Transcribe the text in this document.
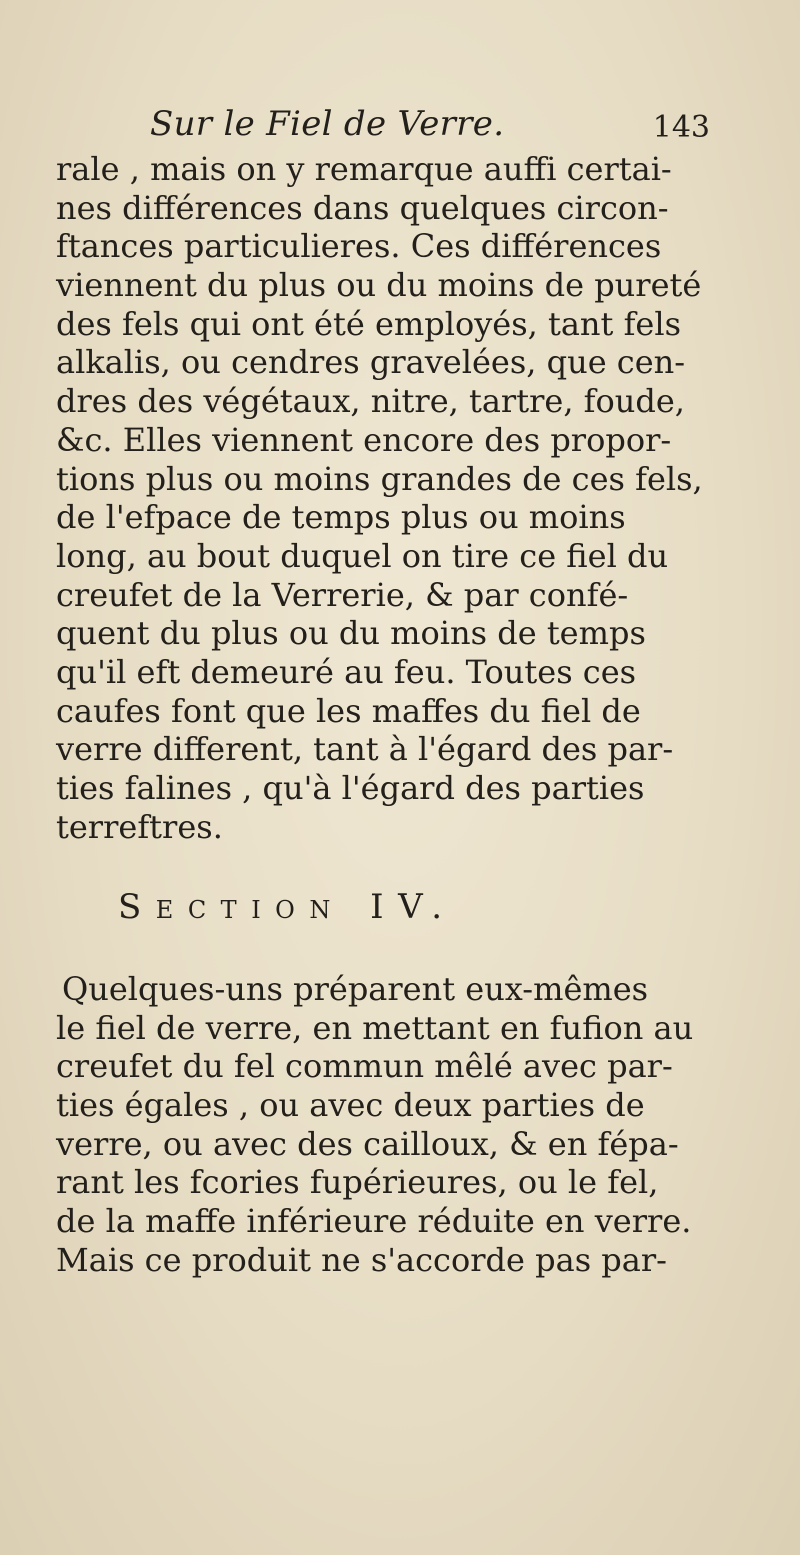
Sur le Fiel de Verre.	143
rale , mais on y remarque auffi certai-
nes différences dans quelques circon-
ftances particulieres. Ces différences
viennent du plus ou du moins de pureté
des fels qui ont été employés, tant fels
alkalis, ou cendres gravelées, que cen-
dres des végétaux, nitre, tartre, foude,
&c. Elles viennent encore des propor-
tions plus ou moins grandes de ces fels,
de l'efpace de temps plus ou moins
long, au bout duquel on tire ce fiel du
creufet de la Verrerie, & par confé-
quent du plus ou du moins de temps
qu'il eft demeuré au feu. Toutes ces
caufes font que les maffes du fiel de
verre different, tant à l'égard des par-
ties falines , qu'à l'égard des parties
terreftres.
SECTION IV.
Quelques-uns préparent eux-mêmes
le fiel de verre, en mettant en fufion au
creufet du fel commun mêlé avec par-
ties égales , ou avec deux parties de
verre, ou avec des cailloux, & en fépa-
rant les fcories fupérieures, ou le fel,
de la maffe inférieure réduite en verre.
Mais ce produit ne s'accorde pas par-
